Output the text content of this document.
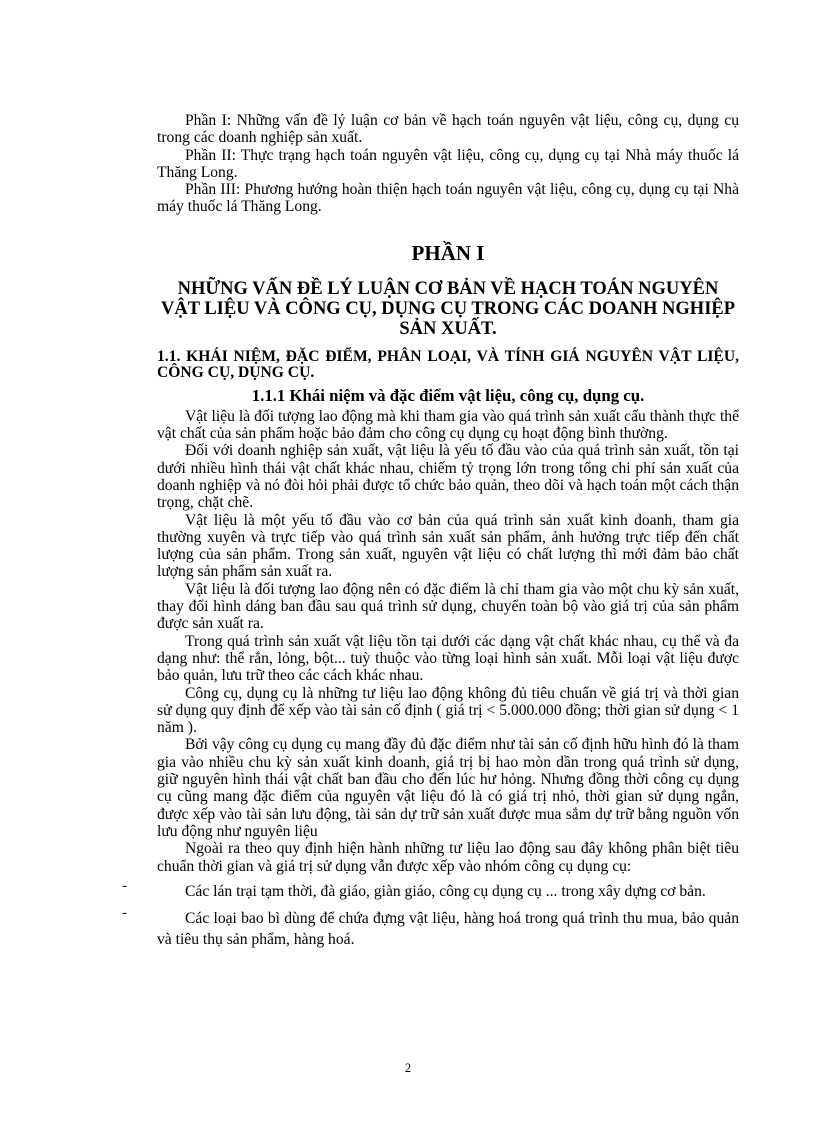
Phần I: Những vấn đề lý luận cơ bản về hạch toán nguyên vật liệu, công cụ, dụng cụ trong các doanh nghiệp sản xuất.

Phần II: Thực trạng hạch toán nguyên vật liệu, công cụ, dụng cụ tại Nhà máy thuốc lá Thăng Long.

Phần III: Phương hướng hoàn thiện hạch toán nguyên vật liệu, công cụ, dụng cụ tại Nhà máy thuốc lá Thăng Long.

PHẦN I
NHỮNG VẤN ĐỀ LÝ LUẬN CƠ BẢN VỀ HẠCH TOÁN NGUYÊN VẬT LIỆU VÀ CÔNG CỤ, DỤNG CỤ TRONG CÁC DOANH NGHIỆP SẢN XUẤT.
1.1. KHÁI NIỆM, ĐẶC ĐIỂM, PHÂN LOẠI, VÀ TÍNH GIÁ NGUYÊN VẬT LIỆU, CÔNG CỤ, DỤNG CỤ.
1.1.1 Khái niệm và đặc điểm vật liệu, công cụ, dụng cụ.

Vật liệu là đối tượng lao động mà khi tham gia vào quá trình sản xuất cấu thành thực thể vật chất của sản phẩm hoặc bảo đảm cho công cụ dụng cụ hoạt động bình thường.

Đối với doanh nghiệp sản xuất, vật liệu là yếu tố đầu vào của quá trình sản xuất, tồn tại dưới nhiều hình thái vật chất khác nhau, chiếm tỷ trọng lớn trong tổng chi phí sản xuất của doanh nghiệp và nó đòi hỏi phải được tổ chức bảo quản, theo dõi và hạch toán một cách thận trọng, chặt chẽ.

Vật liệu là một yếu tố đầu vào cơ bản của quá trình sản xuất kinh doanh, tham gia thường xuyên và trực tiếp vào quá trình sản xuất sản phẩm, ảnh hưởng trực tiếp đến chất lượng của sản phẩm. Trong sản xuất, nguyên vật liệu có chất lượng thì mới đảm bảo chất lượng sản phẩm sản xuất ra.

Vật liệu là đối tượng lao động nên có đặc điểm là chỉ tham gia vào một chu kỳ sản xuất, thay đổi hình dáng ban đầu sau quá trình sử dụng, chuyển toàn bộ vào giá trị của sản phẩm được sản xuất ra.

Trong quá trình sản xuất vật liệu tồn tại dưới các dạng vật chất khác nhau, cụ thể và đa dạng như: thể rắn, lỏng, bột... tuỳ thuộc vào từng loại hình sản xuất. Mỗi loại vật liệu được bảo quản, lưu trữ theo các cách khác nhau.

Công cụ, dụng cụ là những tư liệu lao động không đủ tiêu chuẩn về giá trị và thời gian sử dụng quy định để xếp vào tài sản cố định ( giá trị < 5.000.000 đồng; thời gian sử dụng < 1 năm ).

Bởi vậy công cụ dụng cụ mang đầy đủ đặc điểm như tài sản cố định hữu hình đó là tham gia vào nhiều chu kỳ sản xuất kinh doanh, giá trị bị hao mòn dần trong quá trình sử dụng, giữ nguyên hình thái vật chất ban đầu cho đến lúc hư hỏng. Nhưng đồng thời công cụ dụng cụ cũng mang đặc điểm của nguyên vật liệu đó là có giá trị nhỏ, thời gian sử dụng ngắn, được xếp vào tài sản lưu động, tài sản dự trữ sản xuất được mua sắm dự trữ bằng nguồn vốn lưu động như nguyên liệu

Ngoài ra theo quy định hiện hành những tư liệu lao động sau đây không phân biệt tiêu chuẩn thời gian và giá trị sử dụng vẫn được xếp vào nhóm công cụ dụng cụ:

-	Các lán trại tạm thời, đà giáo, giàn giáo, công cụ dụng cụ ... trong xây dựng cơ bản.

-	Các loại bao bì dùng để chứa đựng vật liệu, hàng hoá trong quá trình thu mua, bảo quản và tiêu thụ sản phẩm, hàng hoá.

2
